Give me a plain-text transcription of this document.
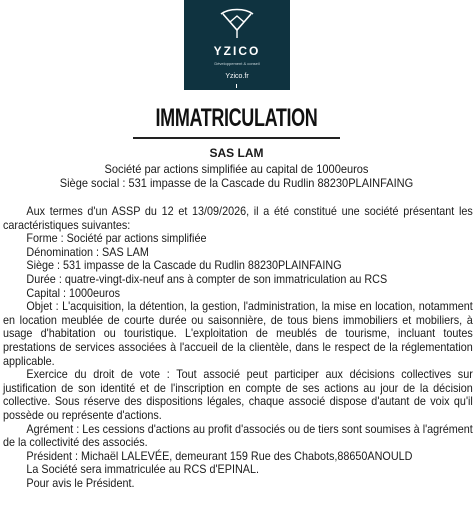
YZICO
Développement & conseil
Yzico.fr
IMMATRICULATION
SAS LAM
Société par actions simplifiée au capital de 1000euros
Siège social : 531 impasse de la Cascade du Rudlin 88230PLAINFAING

Aux termes d'un ASSP du 12 et 13/09/2026, il a été constitué une société présentant les caractéristiques suivantes:

Forme : Société par actions simplifiée

Dénomination : SAS LAM

Siège : 531 impasse de la Cascade du Rudlin 88230PLAINFAING

Durée : quatre-vingt-dix-neuf ans à compter de son immatriculation au RCS

Capital : 1000euros

Objet : L'acquisition, la détention, la gestion, l'administration, la mise en location, notamment en location meublée de courte durée ou saisonnière, de tous biens immobiliers et mobiliers, à usage d'habitation ou touristique. L'exploitation de meublés de tourisme, incluant toutes prestations de services associées à l'accueil de la clientèle, dans le respect de la réglementation applicable.

Exercice du droit de vote : Tout associé peut participer aux décisions collectives sur justification de son identité et de l'inscription en compte de ses actions au jour de la décision collective. Sous réserve des dispositions légales, chaque associé dispose d'autant de voix qu'il possède ou représente d'actions.

Agrément : Les cessions d'actions au profit d'associés ou de tiers sont soumises à l'agrément de la collectivité des associés.

Président : Michaël LALEVÉE, demeurant 159 Rue des Chabots,88650ANOULD

La Société sera immatriculée au RCS d'EPINAL.

Pour avis le Président.
